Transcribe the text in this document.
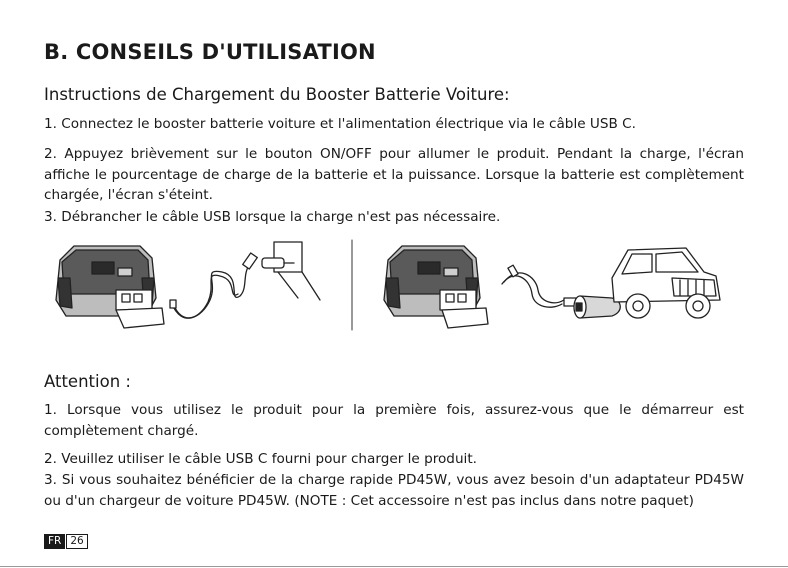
B. CONSEILS D'UTILISATION
Instructions de Chargement du Booster Batterie Voiture:

1. Connectez le booster batterie voiture et l'alimentation électrique via le câble USB C.

2. Appuyez brièvement sur le bouton ON/OFF pour allumer le produit. Pendant la charge, l'écran affiche le pourcentage de charge de la batterie et la puissance. Lorsque la batterie est complètement chargée, l'écran s'éteint.

3. Débrancher le câble USB lorsque la charge n'est pas nécessaire.

Attention :

1. Lorsque vous utilisez le produit pour la première fois, assurez-vous que le démarreur est complètement chargé.

2. Veuillez utiliser le câble USB C fourni pour charger le produit.

3. Si vous souhaitez bénéficier de la charge rapide PD45W, vous avez besoin d'un adaptateur PD45W ou d'un chargeur de voiture PD45W. (NOTE : Cet accessoire n'est pas inclus dans notre paquet)

FR 26
